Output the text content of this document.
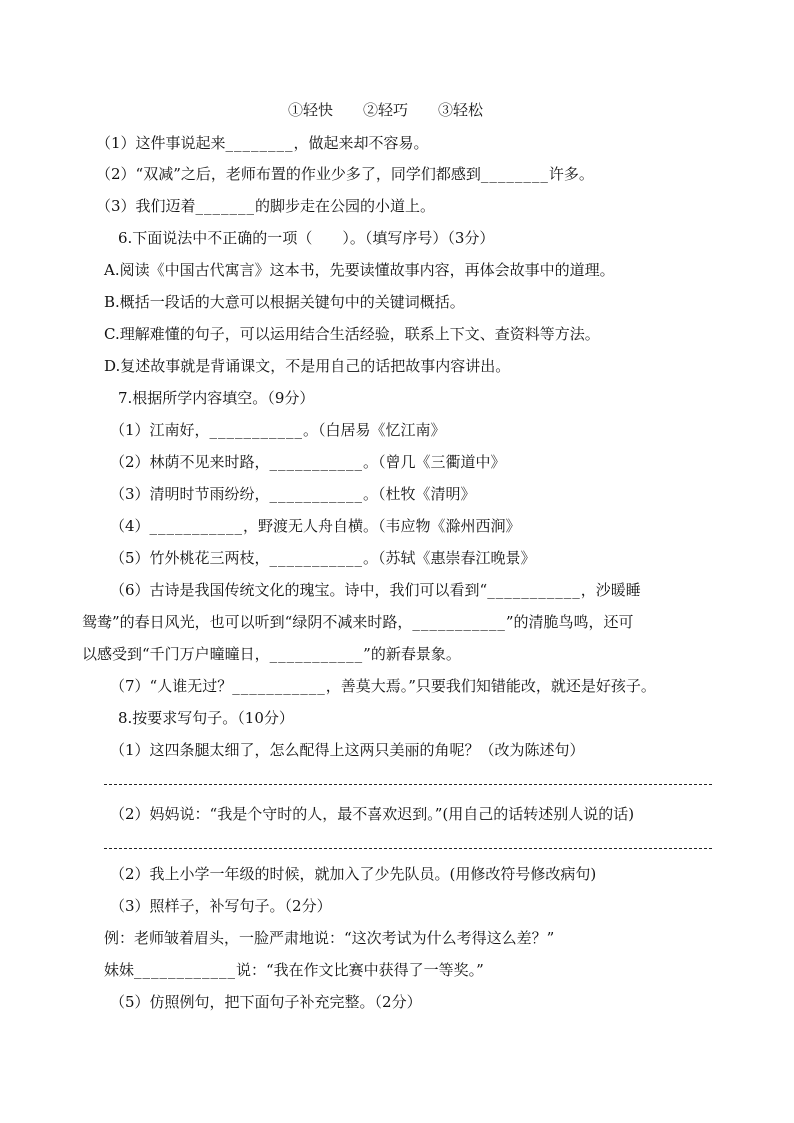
①轻快　　②轻巧　　③轻松
（1）这件事说起来________，做起来却不容易。
（2）“双减”之后，老师布置的作业少多了，同学们都感到________许多。
（3）我们迈着_______的脚步走在公园的小道上。
6.下面说法中不正确的一项（　　）。（填写序号）（3分）
A.阅读《中国古代寓言》这本书，先要读懂故事内容，再体会故事中的道理。
B.概括一段话的大意可以根据关键句中的关键词概括。
C.理解难懂的句子，可以运用结合生活经验，联系上下文、查资料等方法。
D.复述故事就是背诵课文，不是用自己的话把故事内容讲出。
7.根据所学内容填空。（9分）
（1）江南好，___________。（白居易《忆江南》
（2）林荫不见来时路，___________。（曾几《三衢道中》
（3）清明时节雨纷纷，___________。（杜牧《清明》
（4）___________，野渡无人舟自横。（韦应物《滁州西涧》
（5）竹外桃花三两枝，___________。（苏轼《惠崇春江晚景》
（6）古诗是我国传统文化的瑰宝。诗中，我们可以看到“___________，沙暖睡
鸳鸯”的春日风光，也可以听到“绿阴不减来时路，___________”的清脆鸟鸣，还可
以感受到“千门万户曈曈日，___________”的新春景象。
（7）“人谁无过？___________，善莫大焉。”只要我们知错能改，就还是好孩子。
8.按要求写句子。（10分）
（1）这四条腿太细了，怎么配得上这两只美丽的角呢？（改为陈述句）
（2）妈妈说：“我是个守时的人，最不喜欢迟到。”(用自己的话转述别人说的话)
（2）我上小学一年级的时候，就加入了少先队员。(用修改符号修改病句)
（3）照样子，补写句子。（2分）
例：老师皱着眉头，一脸严肃地说：“这次考试为什么考得这么差？”
妹妹____________说：“我在作文比赛中获得了一等奖。”
（5）仿照例句，把下面句子补充完整。（2分）
